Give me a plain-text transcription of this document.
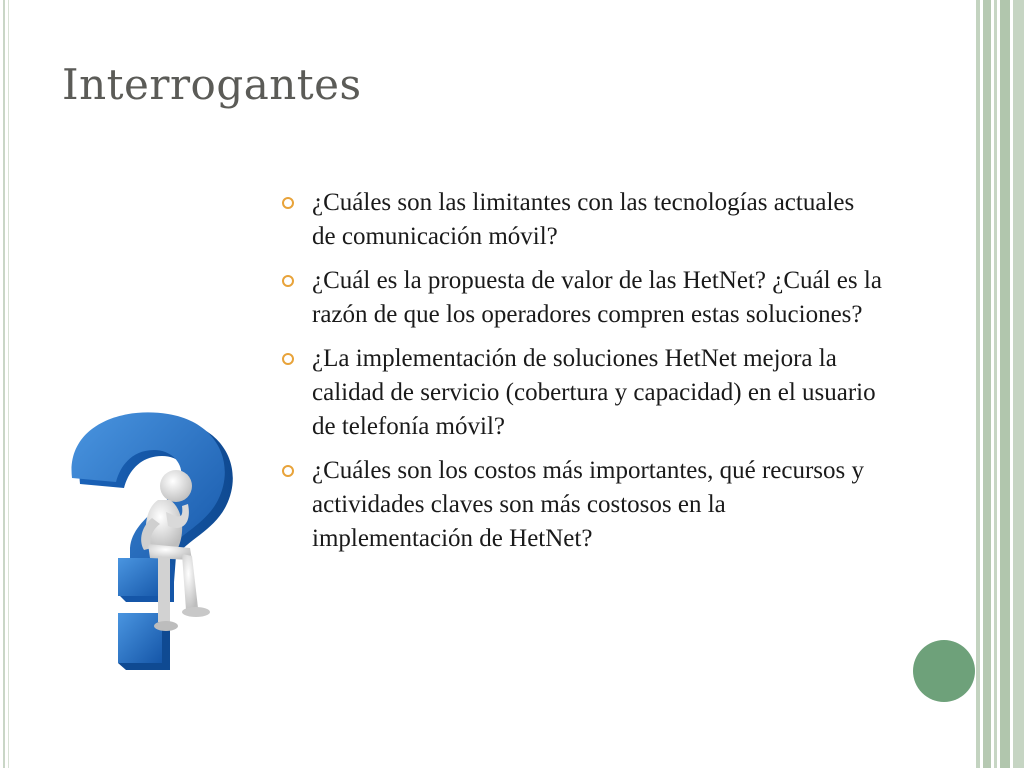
Interrogantes
¿Cuáles son las limitantes con las tecnologías actuales de comunicación móvil?
¿Cuál es la propuesta de valor de las HetNet? ¿Cuál es la razón de que los operadores compren estas soluciones?
¿La implementación de soluciones HetNet mejora la calidad de servicio (cobertura y capacidad) en el usuario de telefonía móvil?
¿Cuáles son los costos más importantes, qué recursos y actividades claves son más costosos en la implementación de HetNet?
